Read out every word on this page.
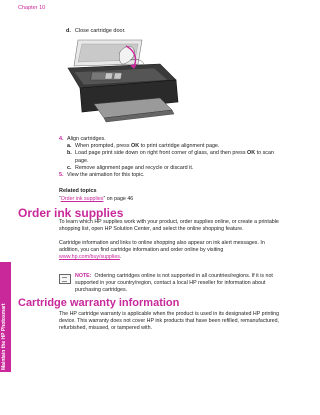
Chapter 10
Maintain the HP Photosmart
d. Close cartridge door.
4. Align cartridges.
a. When prompted, press OK to print cartridge alignment page.
b. Load page print side down on right front corner of glass, and then press OK to scan page.
c. Remove alignment page and recycle or discard it.
5. View the animation for this topic.
Related topics
“Order ink supplies” on page 46
Order ink supplies
To learn which HP supplies work with your product, order supplies online, or create a printable shopping list, open HP Solution Center, and select the online shopping feature.
Cartridge information and links to online shopping also appear on ink alert messages. In addition, you can find cartridge information and order online by visiting www.hp.com/buy/supplies.
NOTE: Ordering cartridges online is not supported in all countries/regions. If it is not supported in your country/region, contact a local HP reseller for information about purchasing cartridges.
Cartridge warranty information
The HP cartridge warranty is applicable when the product is used in its designated HP printing device. This warranty does not cover HP ink products that have been refilled, remanufactured, refurbished, misused, or tampered with.
